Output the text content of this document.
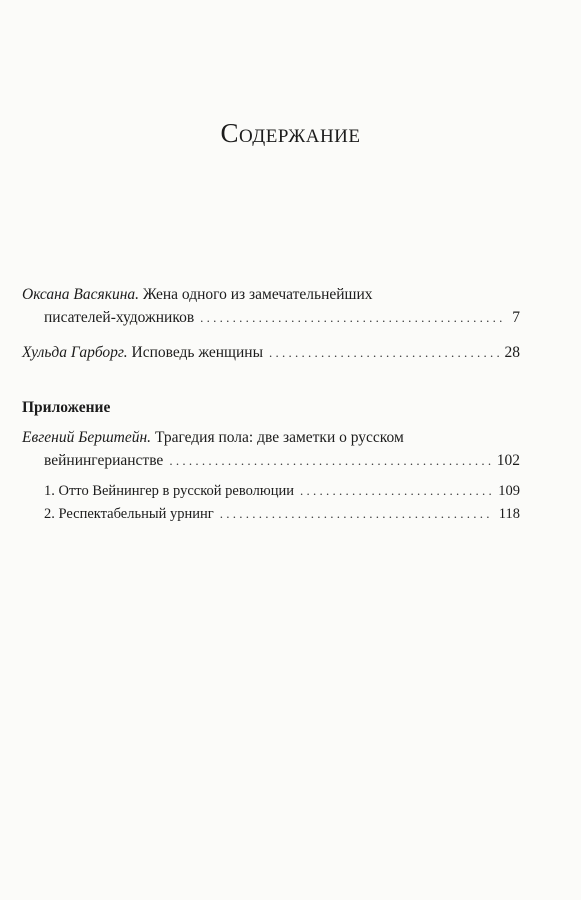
Содержание
Оксана Васякина.
Жена одного из замечательнейших
писателей-художников . . .	7
Хульда Гарборг.
Исповедь женщины . . .	28
Приложение
Евгений Берштейн.
Трагедия пола: две заметки о русском
вейнингерианстве . . .	102
1. Отто Вейнингер в русской революции . . .	109
2. Респектабельный урнинг . . .	118
